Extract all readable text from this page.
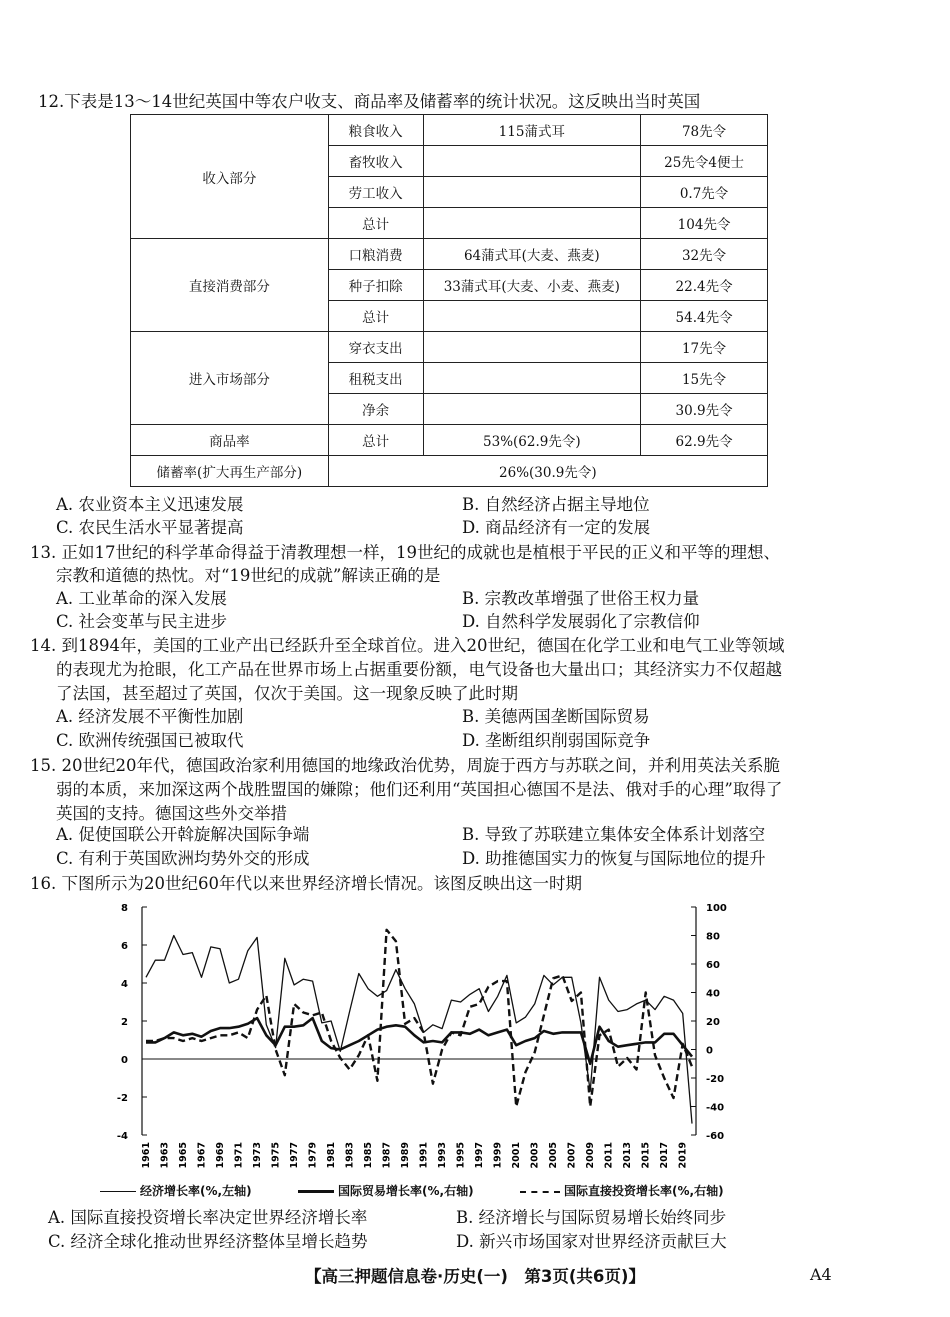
12.下表是13～14世纪英国中等农户收支、商品率及储蓄率的统计状况。这反映出当时英国
收入部分	粮食收入	115蒲式耳	78先令
	畜牧收入		25先令4便士
	劳工收入		0.7先令
	总计		104先令
直接消费部分	口粮消费	64蒲式耳(大麦、燕麦)	32先令
	种子扣除	33蒲式耳(大麦、小麦、燕麦)	22.4先令
	总计		54.4先令
进入市场部分	穿衣支出		17先令
	租税支出		15先令
	净余		30.9先令
商品率	总计	53%(62.9先令)	62.9先令
储蓄率(扩大再生产部分)	26%(30.9先令)		
A. 农业资本主义迅速发展	B. 自然经济占据主导地位
C. 农民生活水平显著提高	D. 商品经济有一定的发展
13. 正如17世纪的科学革命得益于清教理想一样，19世纪的成就也是植根于平民的正义和平等的理想、
宗教和道德的热忱。对“19世纪的成就”解读正确的是
A. 工业革命的深入发展	B. 宗教改革增强了世俗王权力量
C. 社会变革与民主进步	D. 自然科学发展弱化了宗教信仰
14. 到1894年，美国的工业产出已经跃升至全球首位。进入20世纪，德国在化学工业和电气工业等领域
的表现尤为抢眼，化工产品在世界市场上占据重要份额，电气设备也大量出口；其经济实力不仅超越
了法国，甚至超过了英国，仅次于美国。这一现象反映了此时期
A. 经济发展不平衡性加剧	B. 美德两国垄断国际贸易
C. 欧洲传统强国已被取代	D. 垄断组织削弱国际竞争
15. 20世纪20年代，德国政治家利用德国的地缘政治优势，周旋于西方与苏联之间，并利用英法关系脆
弱的本质，来加深这两个战胜盟国的嫌隙；他们还利用“英国担心德国不是法、俄对手的心理”取得了
英国的支持。德国这些外交举措
A. 促使国联公开斡旋解决国际争端	B. 导致了苏联建立集体安全体系计划落空
C. 有利于英国欧洲均势外交的形成	D. 助推德国实力的恢复与国际地位的提升
16. 下图所示为20世纪60年代以来世界经济增长情况。该图反映出这一时期
8
6
4
2
0
-2
-4
100
80
60
40
20
0
-20
-40
-60
1961 1963 1965 1967 1969 1971 1973 1975 1977 1979 1981 1983 1985 1987 1989 1991 1993 1995 1997 1999 2001 2003 2005 2007 2009 2011 2013 2015 2017 2019
经济增长率(%,左轴)	国际贸易增长率(%,右轴)	国际直接投资增长率(%,右轴)
A. 国际直接投资增长率决定世界经济增长率	B. 经济增长与国际贸易增长始终同步
C. 经济全球化推动世界经济整体呈增长趋势	D. 新兴市场国家对世界经济贡献巨大
【高三押题信息卷·历史(一)　第3页(共6页)】	A4
